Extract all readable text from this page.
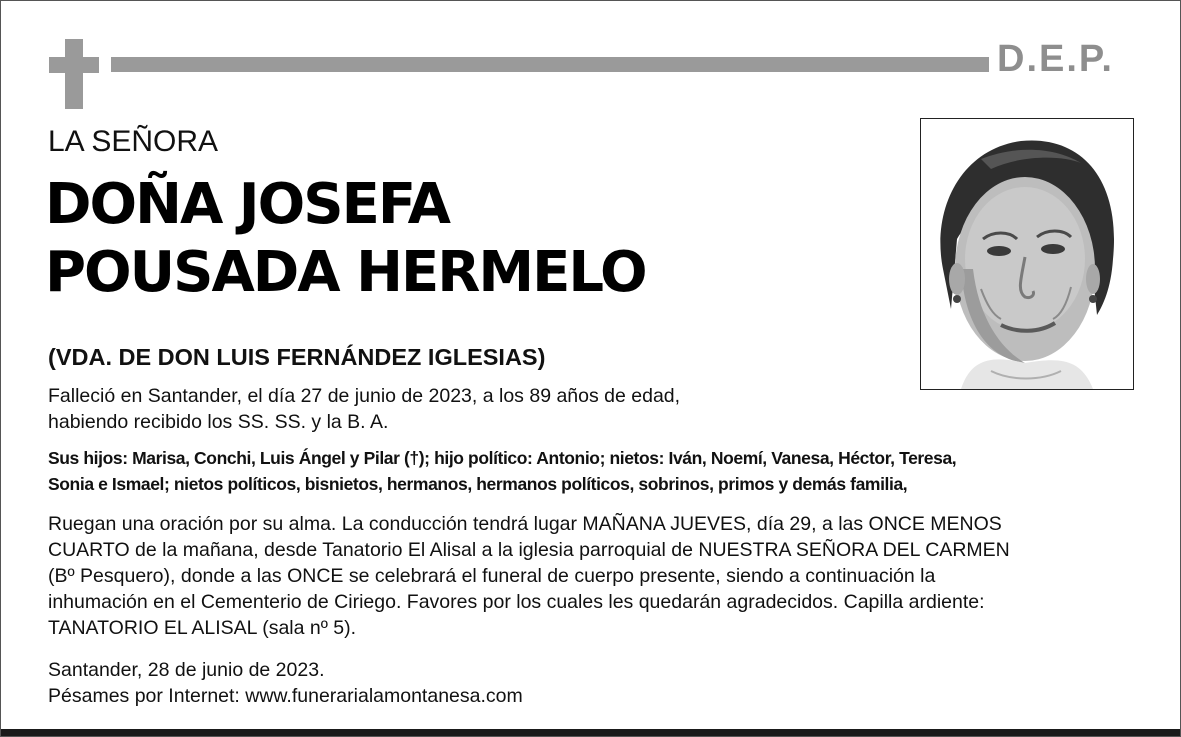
D.E.P.
LA SEÑORA
DOÑA JOSEFA
POUSADA HERMELO
(VDA. DE DON LUIS FERNÁNDEZ IGLESIAS)
Falleció en Santander, el día 27 de junio de 2023, a los 89 años de edad,
habiendo recibido los SS. SS. y la B. A.
Sus hijos: Marisa, Conchi, Luis Ángel y Pilar (†); hijo político: Antonio; nietos: Iván, Noemí, Vanesa, Héctor, Teresa,
Sonia e Ismael; nietos políticos, bisnietos, hermanos, hermanos políticos, sobrinos, primos y demás familia,
Ruegan una oración por su alma. La conducción tendrá lugar MAÑANA JUEVES, día 29, a las ONCE MENOS
CUARTO de la mañana, desde Tanatorio El Alisal a la iglesia parroquial de NUESTRA SEÑORA DEL CARMEN
(Bº Pesquero), donde a las ONCE se celebrará el funeral de cuerpo presente, siendo a continuación la
inhumación en el Cementerio de Ciriego. Favores por los cuales les quedarán agradecidos. Capilla ardiente:
TANATORIO EL ALISAL (sala nº 5).
Santander, 28 de junio de 2023.
Pésames por Internet: www.funerarialamontanesa.com
